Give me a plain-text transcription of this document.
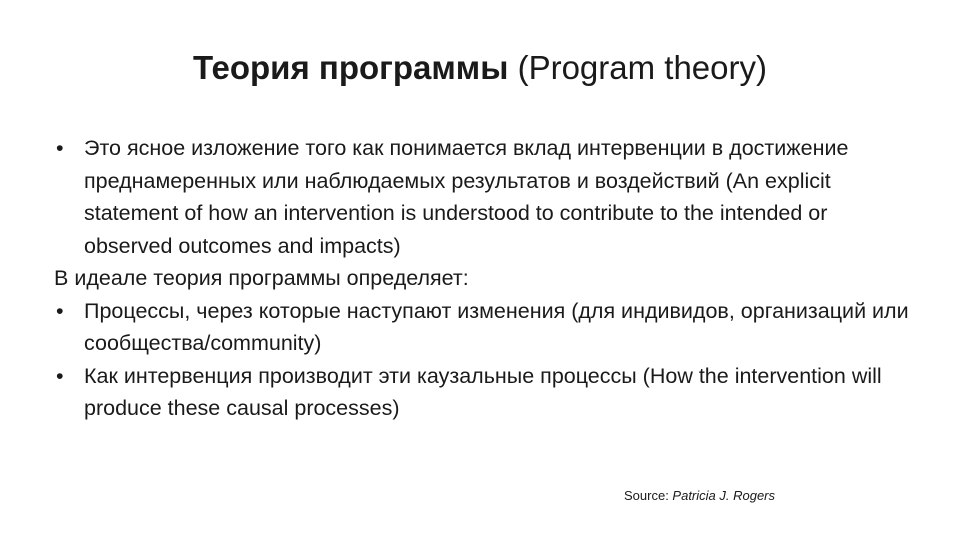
Теория программы (Program theory)

• Это ясное изложение того как понимается вклад интервенции в достижение преднамеренных или наблюдаемых результатов и воздействий (An explicit statement of how an intervention is understood to contribute to the intended or observed outcomes and impacts)

В идеале теория программы определяет:

• Процессы, через которые наступают изменения (для индивидов, организаций или сообщества/community)

• Как интервенция производит эти каузальные процессы (How the intervention will produce these causal processes)

Source: Patricia J. Rogers
